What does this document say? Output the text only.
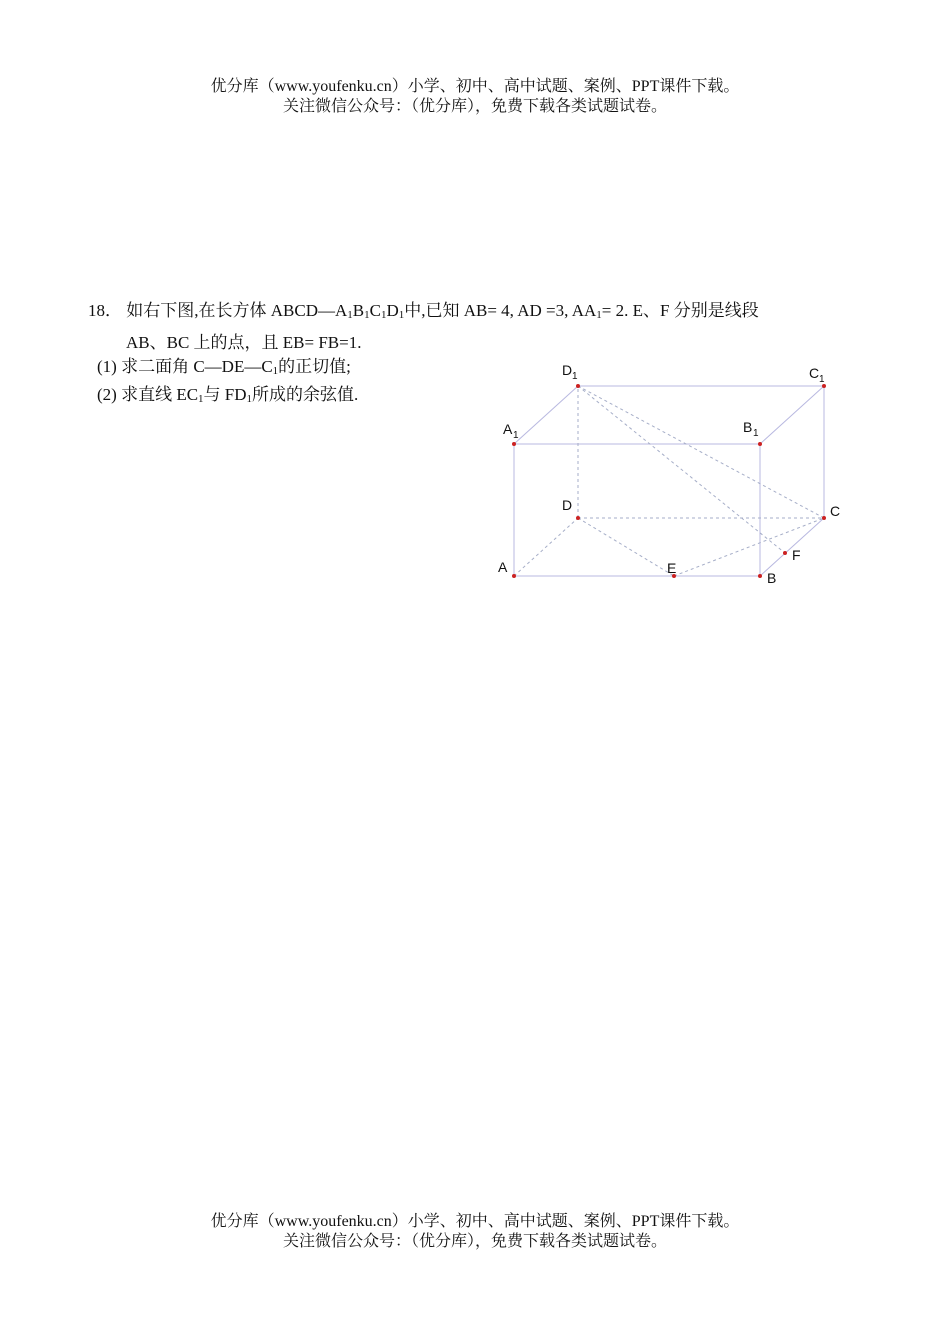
优分库（www.youfenku.cn）小学、初中、高中试题、案例、PPT课件下载。
关注微信公众号：（优分库），免费下载各类试题试卷。
18． 如右下图,在长方体 $ABCD—A_1B_1C_1D_1$中,已知 AB= 4, AD =3, $AA_1= 2$. E、F 分别是线段
AB、BC 上的点，且 EB= FB=1.
(1) 求二面角 $C—DE—C_1$的正切值;
(2) 求直线 $EC_1$与 $FD_1$所成的余弦值.
A
B
C
D
E
F
A 1
B 1
C 1
D 1
优分库（www.youfenku.cn）小学、初中、高中试题、案例、PPT课件下载。
关注微信公众号：（优分库），免费下载各类试题试卷。
